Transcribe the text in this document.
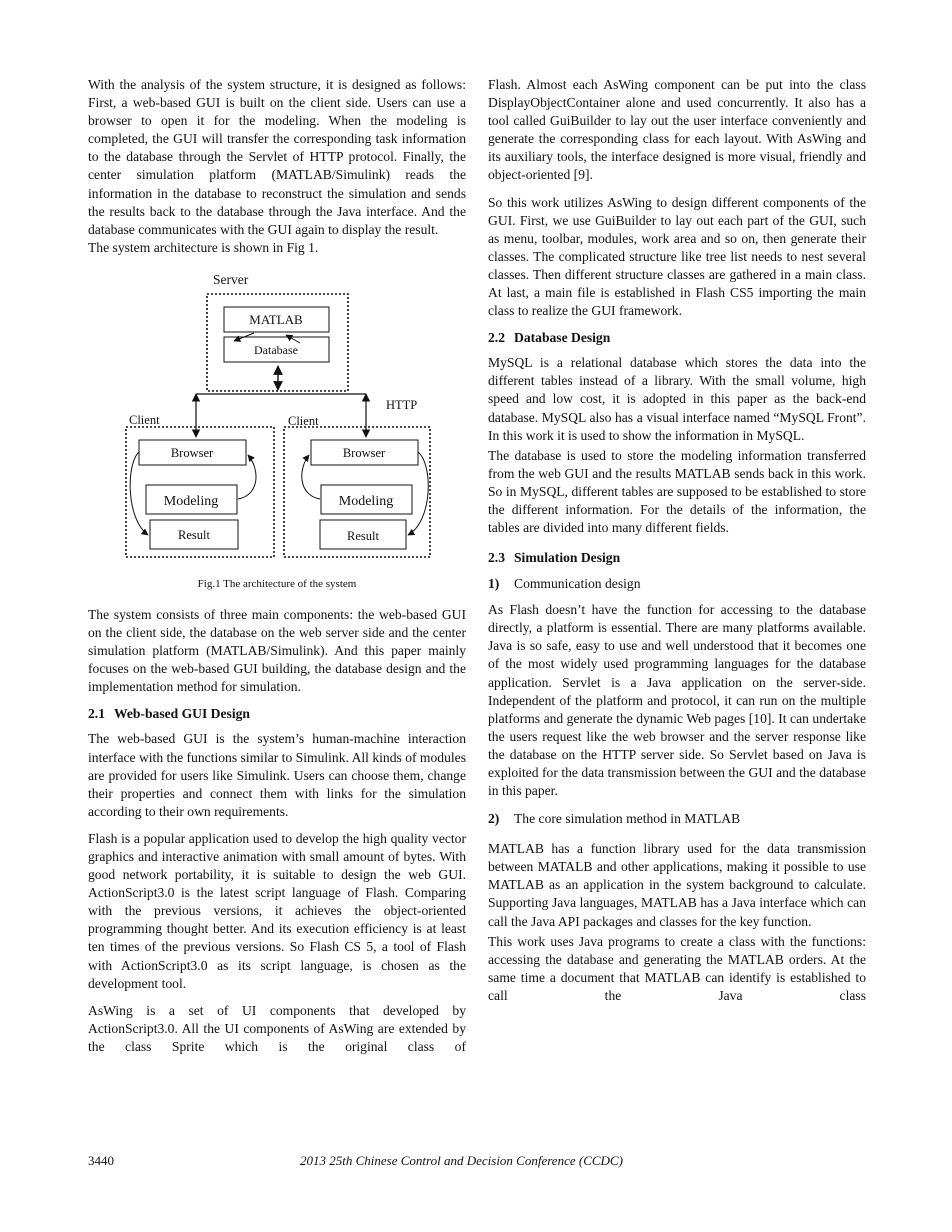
With the analysis of the system structure, it is designed as follows: First, a web-based GUI is built on the client side. Users can use a browser to open it for the modeling. When the modeling is completed, the GUI will transfer the corresponding task information to the database through the Servlet of HTTP protocol. Finally, the center simulation platform (MATLAB/Simulink) reads the information in the database to reconstruct the simulation and sends the results back to the database through the Java interface. And the database communicates with the GUI again to display the result.

The system architecture is shown in Fig 1.

Server
MATLAB
Database
HTTP
Client	Client
Browser
Modeling
Result
Browser
Modeling
Result
Fig.1 The architecture of the system

The system consists of three main components: the web-based GUI on the client side, the database on the web server side and the center simulation platform (MATLAB/Simulink). And this paper mainly focuses on the web-based GUI building, the database design and the implementation method for simulation.

2.1 Web-based GUI Design

The web-based GUI is the system’s human-machine interaction interface with the functions similar to Simulink. All kinds of modules are provided for users like Simulink. Users can choose them, change their properties and connect them with links for the simulation according to their own requirements.

Flash is a popular application used to develop the high quality vector graphics and interactive animation with small amount of bytes. With good network portability, it is suitable to design the web GUI. ActionScript3.0 is the latest script language of Flash. Comparing with the previous versions, it achieves the object-oriented programming thought better. And its execution efficiency is at least ten times of the previous versions. So Flash CS 5, a tool of Flash with ActionScript3.0 as its script language, is chosen as the development tool.

AsWing is a set of UI components that developed by ActionScript3.0. All the UI components of AsWing are extended by the class Sprite which is the original class of

Flash. Almost each AsWing component can be put into the class DisplayObjectContainer alone and used concurrently. It also has a tool called GuiBuilder to lay out the user interface conveniently and generate the corresponding class for each layout. With AsWing and its auxiliary tools, the interface designed is more visual, friendly and object-oriented [9].

So this work utilizes AsWing to design different components of the GUI. First, we use GuiBuilder to lay out each part of the GUI, such as menu, toolbar, modules, work area and so on, then generate their classes. The complicated structure like tree list needs to nest several classes. Then different structure classes are gathered in a main class. At last, a main file is established in Flash CS5 importing the main class to realize the GUI framework.

2.2 Database Design

MySQL is a relational database which stores the data into the different tables instead of a library. With the small volume, high speed and low cost, it is adopted in this paper as the back-end database. MySQL also has a visual interface named “MySQL Front”. In this work it is used to show the information in MySQL.

The database is used to store the modeling information transferred from the web GUI and the results MATLAB sends back in this work. So in MySQL, different tables are supposed to be established to store the different information. For the details of the information, the tables are divided into many different fields.

2.3 Simulation Design
1) Communication design

As Flash doesn’t have the function for accessing to the database directly, a platform is essential. There are many platforms available. Java is so safe, easy to use and well understood that it becomes one of the most widely used programming languages for the database application. Servlet is a Java application on the server-side. Independent of the platform and protocol, it can run on the multiple platforms and generate the dynamic Web pages [10]. It can undertake the users request like the web browser and the server response like the database on the HTTP server side. So Servlet based on Java is exploited for the data transmission between the GUI and the database in this paper.

2) The core simulation method in MATLAB

MATLAB has a function library used for the data transmission between MATALB and other applications, making it possible to use MATLAB as an application in the system background to calculate. Supporting Java languages, MATLAB has a Java interface which can call the Java API packages and classes for the key function.

This work uses Java programs to create a class with the functions: accessing the database and generating the MATLAB orders. At the same time a document that MATLAB can identify is established to call the Java class

3440	2013 25th Chinese Control and Decision Conference (CCDC)
